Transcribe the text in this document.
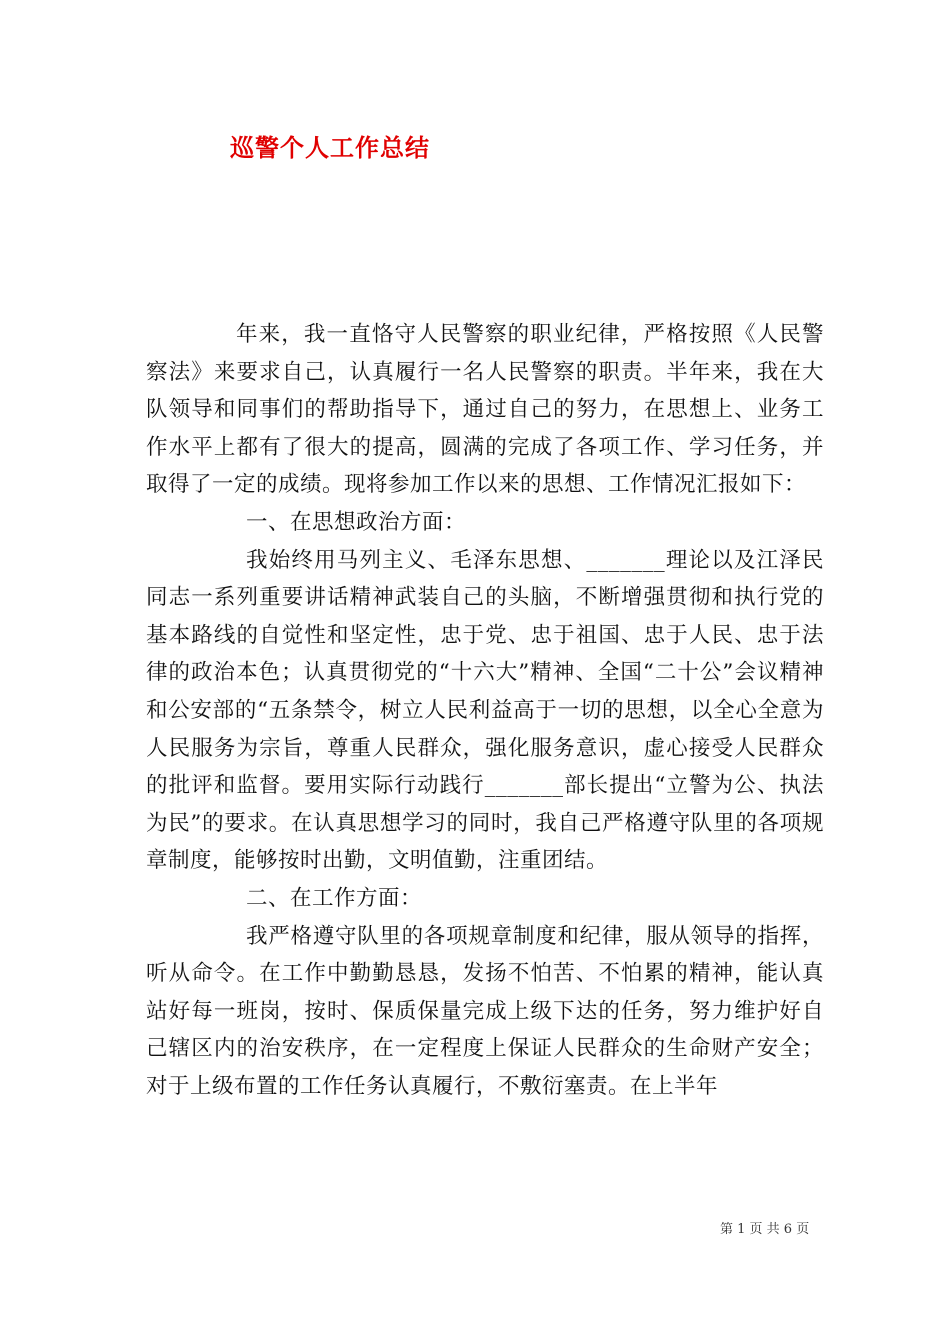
巡警个人工作总结

年来，我一直恪守人民警察的职业纪律，严格按照《人民警察法》来要求自己，认真履行一名人民警察的职责。半年来，我在大队领导和同事们的帮助指导下，通过自己的努力，在思想上、业务工作水平上都有了很大的提高，圆满的完成了各项工作、学习任务，并取得了一定的成绩。现将参加工作以来的思想、工作情况汇报如下：

一、在思想政治方面：

我始终用马列主义、毛泽东思想、_______理论以及江泽民同志一系列重要讲话精神武装自己的头脑，不断增强贯彻和执行党的基本路线的自觉性和坚定性，忠于党、忠于祖国、忠于人民、忠于法律的政治本色；认真贯彻党的“十六大”精神、全国“二十公”会议精神和公安部的“五条禁令，树立人民利益高于一切的思想，以全心全意为人民服务为宗旨，尊重人民群众，强化服务意识，虚心接受人民群众的批评和监督。要用实际行动践行_______部长提出“立警为公、执法为民”的要求。在认真思想学习的同时，我自己严格遵守队里的各项规章制度，能够按时出勤，文明值勤，注重团结。

二、在工作方面：

我严格遵守队里的各项规章制度和纪律，服从领导的指挥，听从命令。在工作中勤勤恳恳，发扬不怕苦、不怕累的精神，能认真站好每一班岗，按时、保质保量完成上级下达的任务，努力维护好自己辖区内的治安秩序，在一定程度上保证人民群众的生命财产安全；对于上级布置的工作任务认真履行，不敷衍塞责。在上半年

第 1 页 共 6 页
